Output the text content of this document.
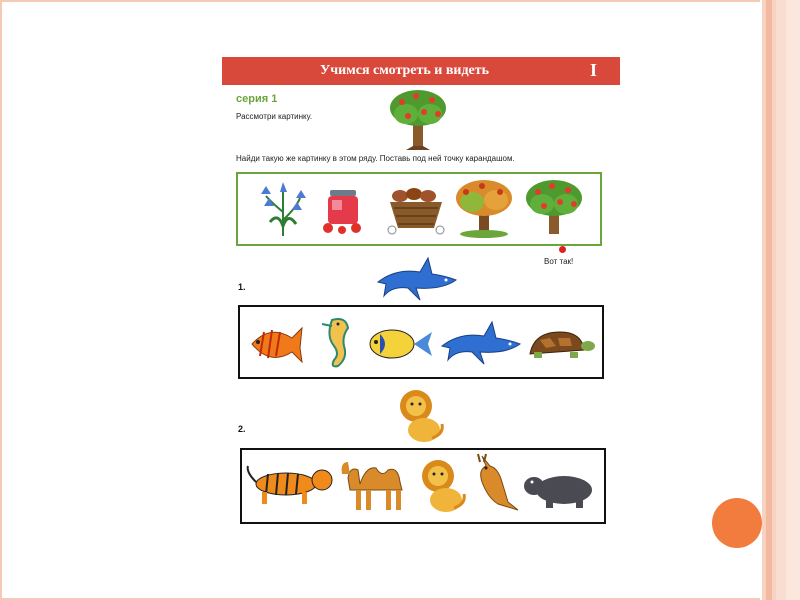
Учимся смотреть и видеть	I
серия 1
Рассмотри картинку.
Найди такую же картинку в этом ряду. Поставь под ней точку карандашом.
Вот так!
1.
2.
